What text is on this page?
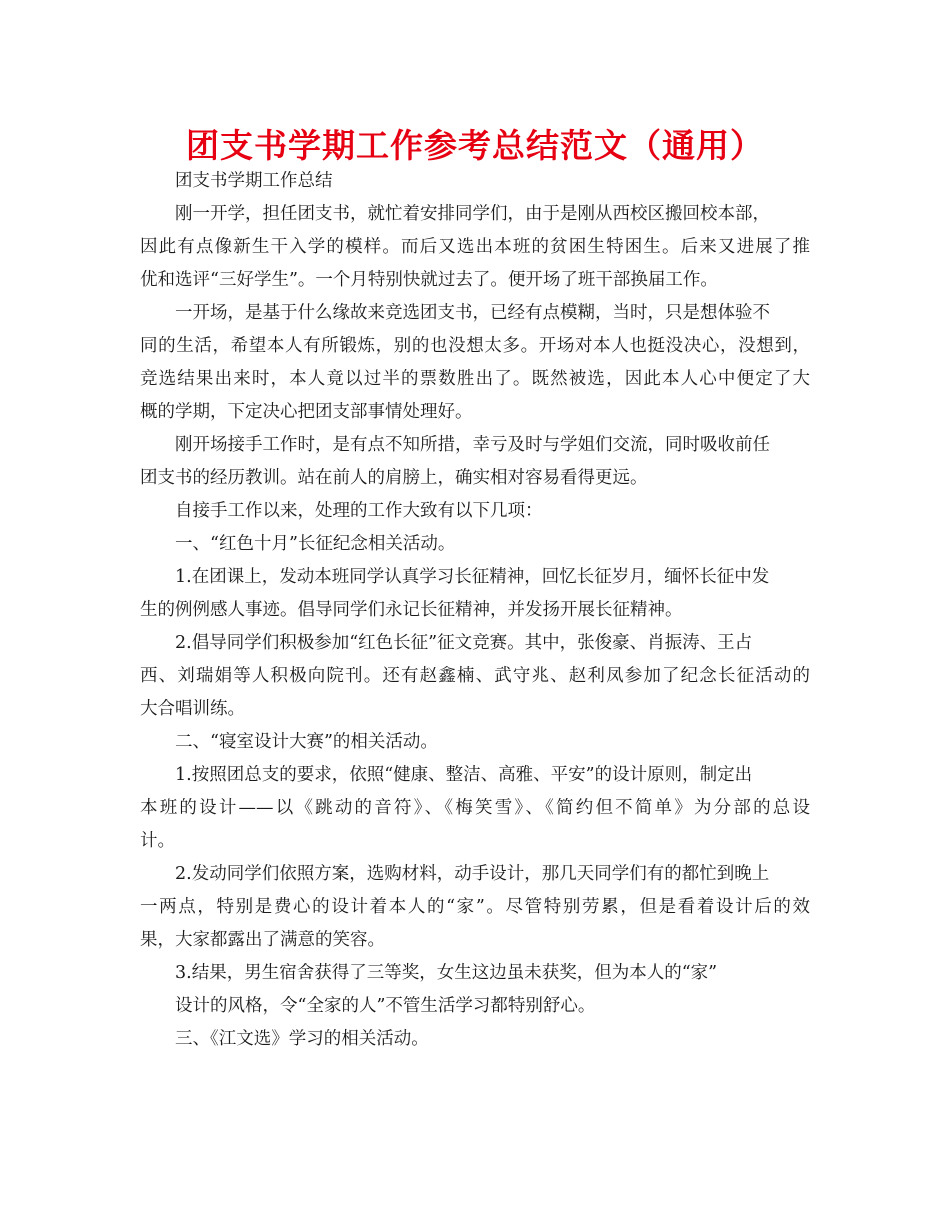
团支书学期工作参考总结范文（通用）
团支书学期工作总结
刚一开学，担任团支书，就忙着安排同学们，由于是刚从西校区搬回校本部，
因此有点像新生干入学的模样。而后又选出本班的贫困生特困生。后来又进展了推
优和选评“三好学生”。一个月特别快就过去了。便开场了班干部换届工作。
一开场，是基于什么缘故来竞选团支书，已经有点模糊，当时，只是想体验不
同的生活，希望本人有所锻炼，别的也没想太多。开场对本人也挺没决心，没想到，
竞选结果出来时，本人竟以过半的票数胜出了。既然被选，因此本人心中便定了大
概的学期，下定决心把团支部事情处理好。
刚开场接手工作时，是有点不知所措，幸亏及时与学姐们交流，同时吸收前任
团支书的经历教训。站在前人的肩膀上，确实相对容易看得更远。
自接手工作以来，处理的工作大致有以下几项：
一、“红色十月”长征纪念相关活动。
1.在团课上，发动本班同学认真学习长征精神，回忆长征岁月，缅怀长征中发
生的例例感人事迹。倡导同学们永记长征精神，并发扬开展长征精神。
2.倡导同学们积极参加“红色长征”征文竞赛。其中，张俊豪、肖振涛、王占
西、刘瑞娟等人积极向院刊。还有赵鑫楠、武守兆、赵利凤参加了纪念长征活动的
大合唱训练。
二、“寝室设计大赛”的相关活动。
1.按照团总支的要求，依照“健康、整洁、高雅、平安”的设计原则，制定出
本班的设计——以《跳动的音符》、《梅笑雪》、《简约但不简单》为分部的总设
计。
2.发动同学们依照方案，选购材料，动手设计，那几天同学们有的都忙到晚上
一两点，特别是费心的设计着本人的“家”。尽管特别劳累，但是看着设计后的效
果，大家都露出了满意的笑容。
3.结果，男生宿舍获得了三等奖，女生这边虽未获奖，但为本人的“家”
设计的风格，令“全家的人”不管生活学习都特别舒心。
三、《江文选》学习的相关活动。
